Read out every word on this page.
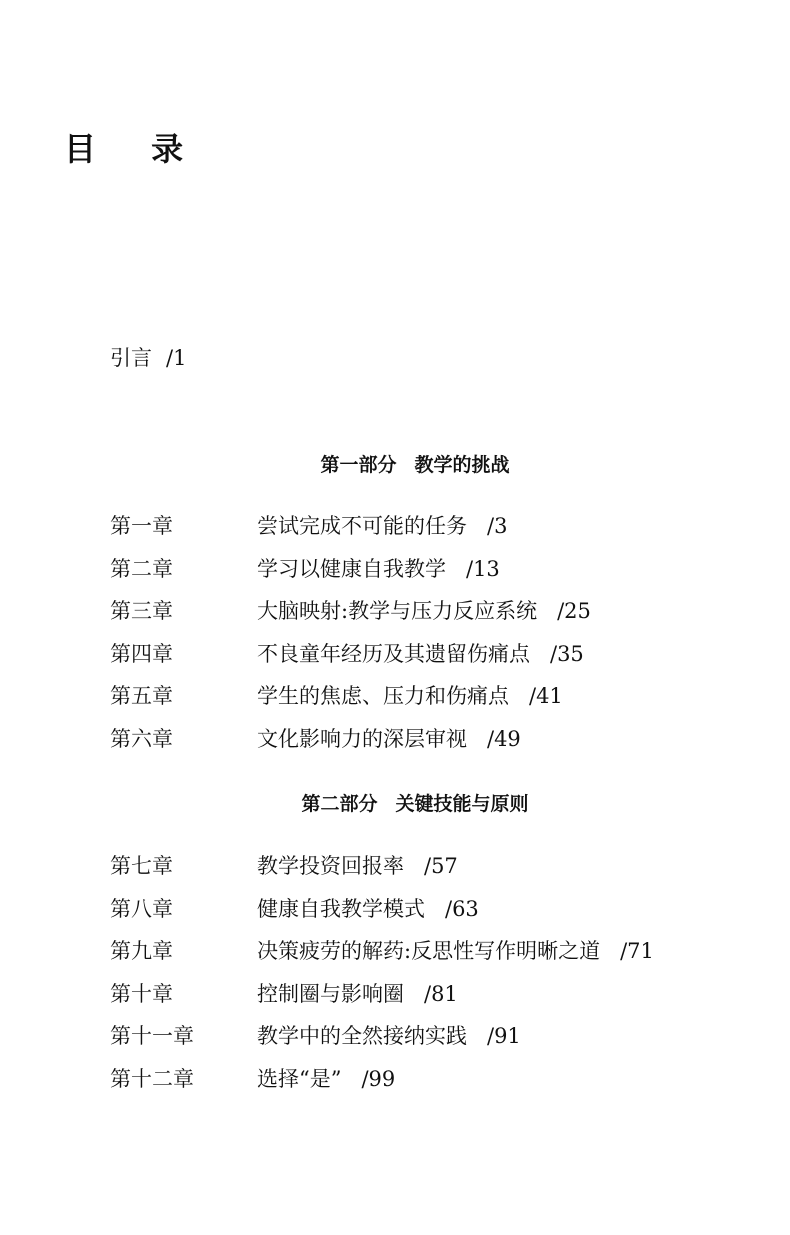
目 录
引言 /1
第一部分 教学的挑战
第一章	尝试完成不可能的任务 /3
第二章	学习以健康自我教学 /13
第三章	大脑映射:教学与压力反应系统 /25
第四章	不良童年经历及其遗留伤痛点 /35
第五章	学生的焦虑、压力和伤痛点 /41
第六章	文化影响力的深层审视 /49
第二部分 关键技能与原则
第七章	教学投资回报率 /57
第八章	健康自我教学模式 /63
第九章	决策疲劳的解药:反思性写作明晰之道 /71
第十章	控制圈与影响圈 /81
第十一章	教学中的全然接纳实践 /91
第十二章	选择“是” /99
